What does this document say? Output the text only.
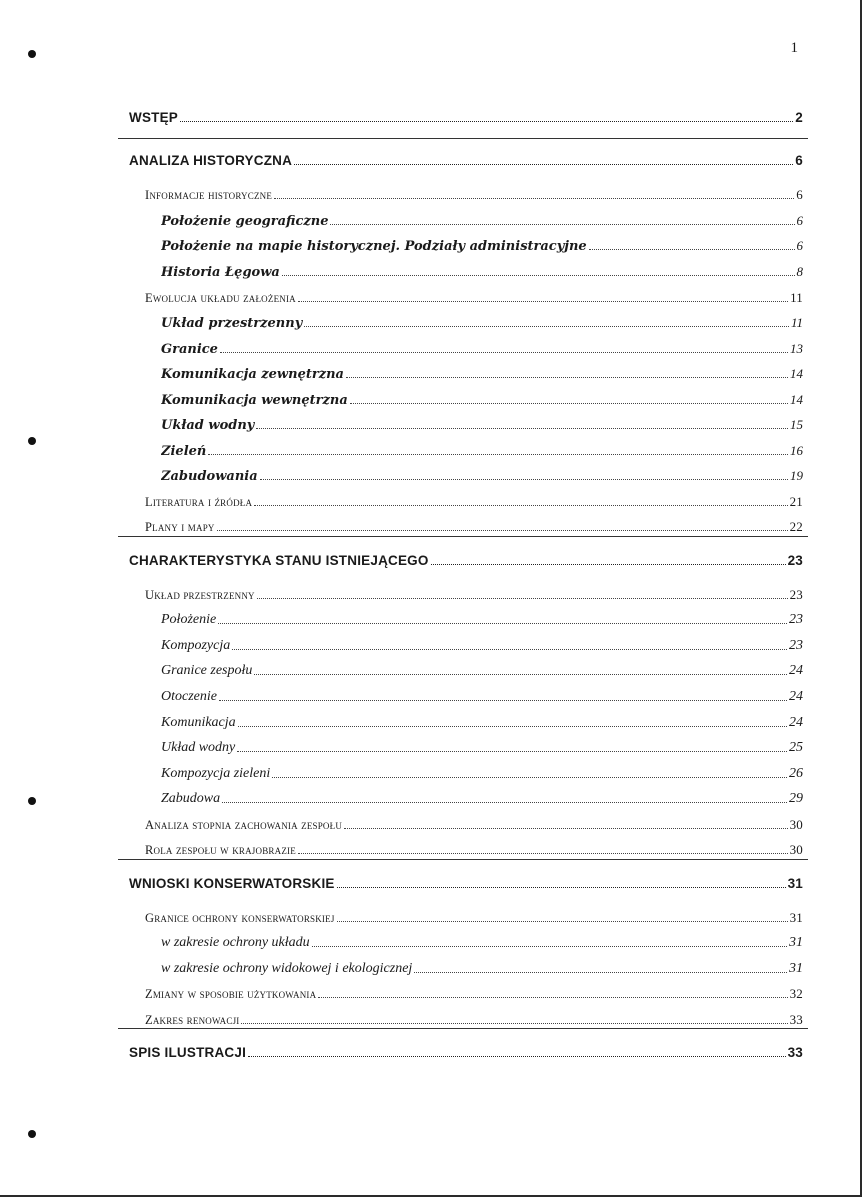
1
WSTĘP	2
ANALIZA HISTORYCZNA	6
Informacje historyczne	6
Położenie geograficzne	6
Położenie na mapie historycznej. Podziały administracyjne	6
Historia Łęgowa	8
Ewolucja układu założenia	11
Układ przestrzenny	11
Granice	13
Komunikacja zewnętrzna	14
Komunikacja wewnętrzna	14
Układ wodny	15
Zieleń	16
Zabudowania	19
Literatura i źródła	21
Plany i mapy	22
CHARAKTERYSTYKA STANU ISTNIEJĄCEGO	23
Układ przestrzenny	23
Położenie	23
Kompozycja	23
Granice zespołu	24
Otoczenie	24
Komunikacja	24
Układ wodny	25
Kompozycja zieleni	26
Zabudowa	29
Analiza stopnia zachowania zespołu	30
Rola zespołu w krajobrazie	30
WNIOSKI KONSERWATORSKIE	31
Granice ochrony konserwatorskiej	31
w zakresie ochrony układu	31
w zakresie ochrony widokowej i ekologicznej	31
Zmiany w sposobie użytkowania	32
Zakres renowacji	33
SPIS ILUSTRACJI	33
